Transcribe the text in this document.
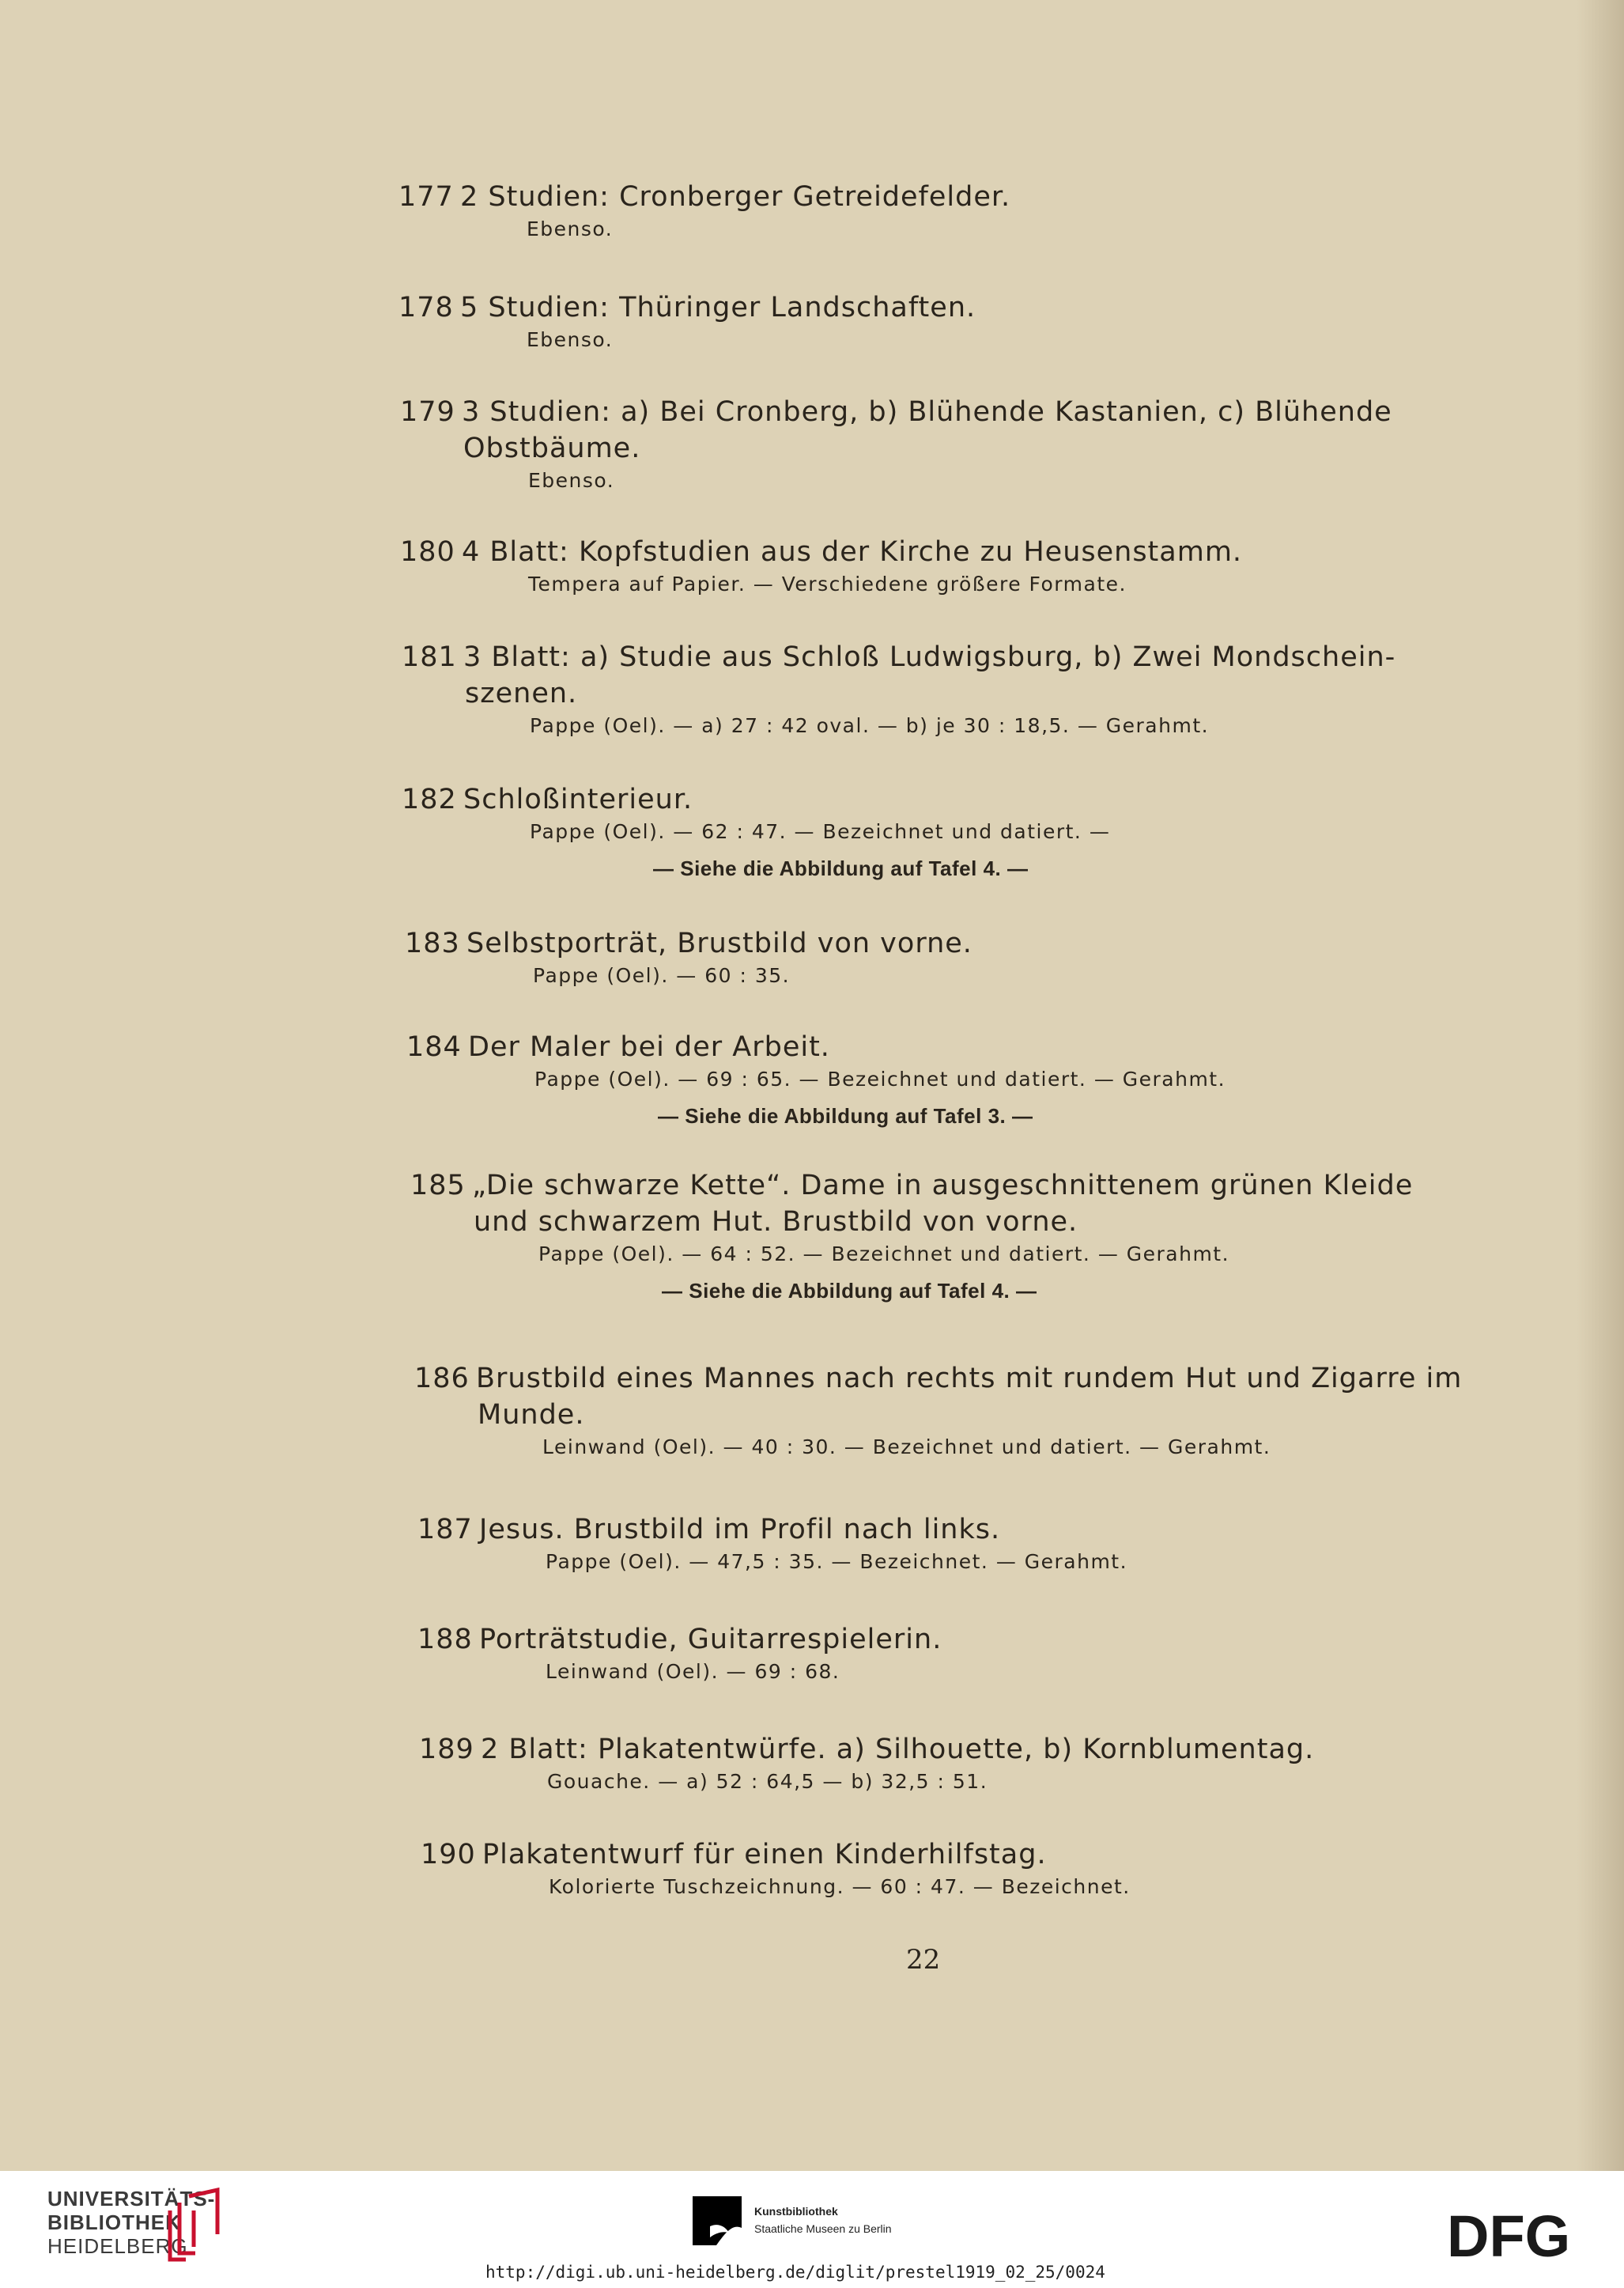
177 2 Studien: Cronberger Getreidefelder.
Ebenso.
178 5 Studien: Thüringer Landschaften.
Ebenso.
179 3 Studien: a) Bei Cronberg, b) Blühende Kastanien, c) Blühende
Obstbäume.
Ebenso.
180 4 Blatt: Kopfstudien aus der Kirche zu Heusenstamm.
Tempera auf Papier. — Verschiedene größere Formate.
181 3 Blatt: a) Studie aus Schloß Ludwigsburg, b) Zwei Mondschein-
szenen.
Pappe (Oel). — a) 27 : 42 oval. — b) je 30 : 18,5. — Gerahmt.
182 Schloßinterieur.
Pappe (Oel). — 62 : 47. — Bezeichnet und datiert. —
— Siehe die Abbildung auf Tafel 4. —
183 Selbstporträt, Brustbild von vorne.
Pappe (Oel). — 60 : 35.
184 Der Maler bei der Arbeit.
Pappe (Oel). — 69 : 65. — Bezeichnet und datiert. — Gerahmt.
— Siehe die Abbildung auf Tafel 3. —
185 „Die schwarze Kette“. Dame in ausgeschnittenem grünen Kleide
und schwarzem Hut. Brustbild von vorne.
Pappe (Oel). — 64 : 52. — Bezeichnet und datiert. — Gerahmt.
— Siehe die Abbildung auf Tafel 4. —
186 Brustbild eines Mannes nach rechts mit rundem Hut und Zigarre im
Munde.
Leinwand (Oel). — 40 : 30. — Bezeichnet und datiert. — Gerahmt.
187 Jesus. Brustbild im Profil nach links.
Pappe (Oel). — 47,5 : 35. — Bezeichnet. — Gerahmt.
188 Porträtstudie, Guitarrespielerin.
Leinwand (Oel). — 69 : 68.
189 2 Blatt: Plakatentwürfe. a) Silhouette, b) Kornblumentag.
Gouache. — a) 52 : 64,5 — b) 32,5 : 51.
190 Plakatentwurf für einen Kinderhilfstag.
Kolorierte Tuschzeichnung. — 60 : 47. — Bezeichnet.
22
UNIVERSITÄTS-
BIBLIOTHEK
HEIDELBERG
Kunstbibliothek
Staatliche Museen zu Berlin	DFG
http://digi.ub.uni-heidelberg.de/diglit/prestel1919_02_25/0024
